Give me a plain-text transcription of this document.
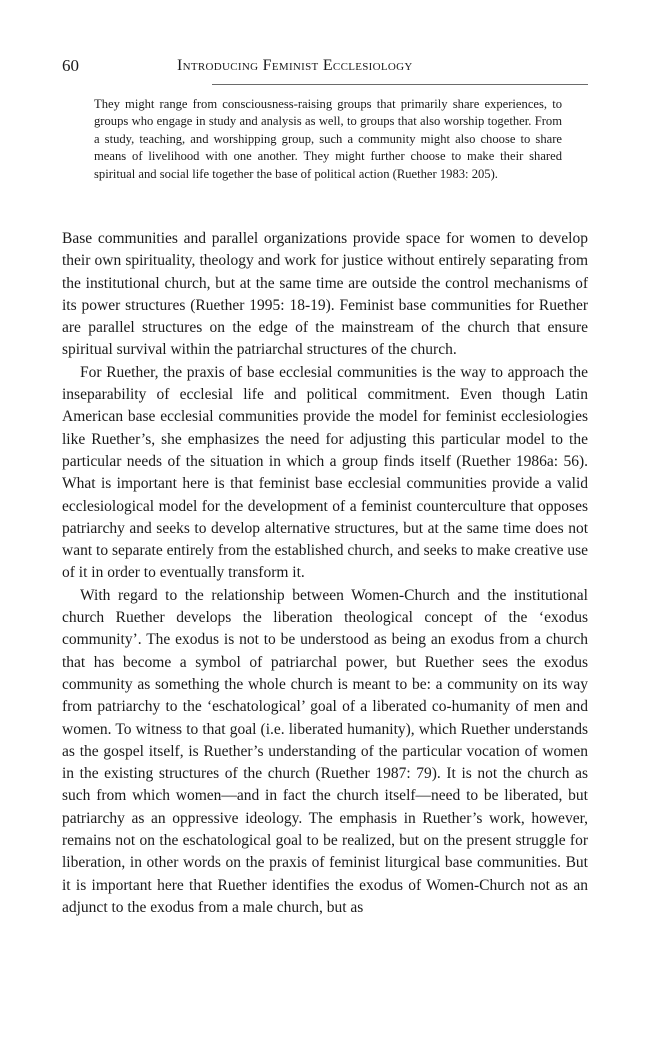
60	Introducing Feminist Ecclesiology
They might range from consciousness-raising groups that primarily share experiences, to groups who engage in study and analysis as well, to groups that also worship together. From a study, teaching, and worshipping group, such a community might also choose to share means of livelihood with one another. They might further choose to make their shared spiritual and social life together the base of political action (Ruether 1983: 205).

Base communities and parallel organizations provide space for women to develop their own spirituality, theology and work for justice without entirely separating from the institutional church, but at the same time are outside the control mechanisms of its power structures (Ruether 1995: 18-19). Feminist base communities for Ruether are parallel structures on the edge of the mainstream of the church that ensure spiritual survival within the patriarchal structures of the church.

For Ruether, the praxis of base ecclesial communities is the way to approach the inseparability of ecclesial life and political commitment. Even though Latin American base ecclesial communities provide the model for feminist ecclesiologies like Ruether’s, she emphasizes the need for adjusting this particular model to the particular needs of the situation in which a group finds itself (Ruether 1986a: 56). What is important here is that feminist base ecclesial communities provide a valid ecclesiological model for the development of a feminist counterculture that opposes patriarchy and seeks to develop alternative structures, but at the same time does not want to separate entirely from the established church, and seeks to make creative use of it in order to eventually transform it.

With regard to the relationship between Women-Church and the institutional church Ruether develops the liberation theological concept of the ‘exodus community’. The exodus is not to be understood as being an exodus from a church that has become a symbol of patriarchal power, but Ruether sees the exodus community as something the whole church is meant to be: a community on its way from patriarchy to the ‘eschatological’ goal of a liberated co-humanity of men and women. To witness to that goal (i.e. liberated humanity), which Ruether understands as the gospel itself, is Ruether’s understanding of the particular vocation of women in the existing structures of the church (Ruether 1987: 79). It is not the church as such from which women—and in fact the church itself—need to be liberated, but patriarchy as an oppressive ideology. The emphasis in Ruether’s work, however, remains not on the eschatological goal to be realized, but on the present struggle for liberation, in other words on the praxis of feminist liturgical base communities. But it is important here that Ruether identifies the exodus of Women-Church not as an adjunct to the exodus from a male church, but as
